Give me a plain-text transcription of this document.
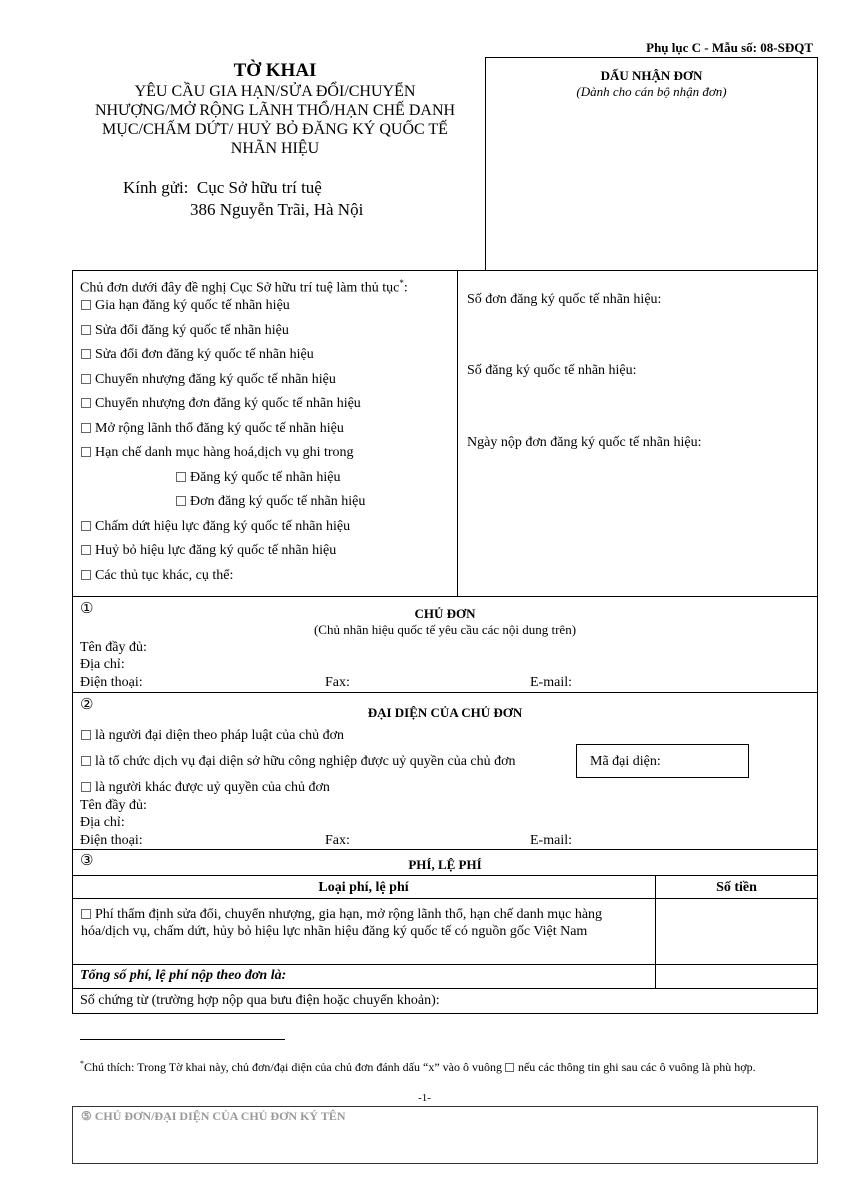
Phụ lục C - Mẫu số: 08-SĐQT
TỜ KHAI
YÊU CẦU GIA HẠN/SỬA ĐỔI/CHUYỂN
NHƯỢNG/MỞ RỘNG LÃNH THỔ/HẠN CHẾ DANH
MỤC/CHẤM DỨT/ HUỶ BỎ ĐĂNG KÝ QUỐC TẾ
NHÃN HIỆU
Kính gửi: Cục Sở hữu trí tuệ
386 Nguyễn Trãi, Hà Nội
DẤU NHẬN ĐƠN
(Dành cho cán bộ nhận đơn)
Chủ đơn dưới đây đề nghị Cục Sở hữu trí tuệ làm thủ tục*:
Gia hạn đăng ký quốc tế nhãn hiệu
Sửa đổi đăng ký quốc tế nhãn hiệu
Sửa đổi đơn đăng ký quốc tế nhãn hiệu
Chuyển nhượng đăng ký quốc tế nhãn hiệu
Chuyển nhượng đơn đăng ký quốc tế nhãn hiệu
Mở rộng lãnh thổ đăng ký quốc tế nhãn hiệu
Hạn chế danh mục hàng hoá,dịch vụ ghi trong
Đăng ký quốc tế nhãn hiệu
Đơn đăng ký quốc tế nhãn hiệu
Chấm dứt hiệu lực đăng ký quốc tế nhãn hiệu
Huỷ bỏ hiệu lực đăng ký quốc tế nhãn hiệu
Các thủ tục khác, cụ thể:
Số đơn đăng ký quốc tế nhãn hiệu:
Số đăng ký quốc tế nhãn hiệu:
Ngày nộp đơn đăng ký quốc tế nhãn hiệu:
①	CHỦ ĐƠN
(Chủ nhãn hiệu quốc tế yêu cầu các nội dung trên)
Tên đầy đủ:
Địa chỉ:
Điện thoại:	Fax:	E-mail:
②	ĐẠI DIỆN CỦA CHỦ ĐƠN
là người đại diện theo pháp luật của chủ đơn
là tổ chức dịch vụ đại diện sở hữu công nghiệp được uỷ quyền của chủ đơn	Mã đại diện:
là người khác được uỷ quyền của chủ đơn
Tên đầy đủ:
Địa chỉ:
Điện thoại:	Fax:	E-mail:
③	PHÍ, LỆ PHÍ
Loại phí, lệ phí	Số tiền
Phí thẩm định sửa đổi, chuyển nhượng, gia hạn, mở rộng lãnh thổ, hạn chế danh mục hàng hóa/dịch vụ, chấm dứt, hủy bỏ hiệu lực nhãn hiệu đăng ký quốc tế có nguồn gốc Việt Nam
Tổng số phí, lệ phí nộp theo đơn là:
Số chứng từ (trường hợp nộp qua bưu điện hoặc chuyển khoản):
*Chú thích: Trong Tờ khai này, chủ đơn/đại diện của chủ đơn đánh dấu “x” vào ô vuông nếu các thông tin ghi sau các ô vuông là phù hợp.
-1-
⑤ CHỦ ĐƠN/ĐẠI DIỆN CỦA CHỦ ĐƠN KÝ TÊN
